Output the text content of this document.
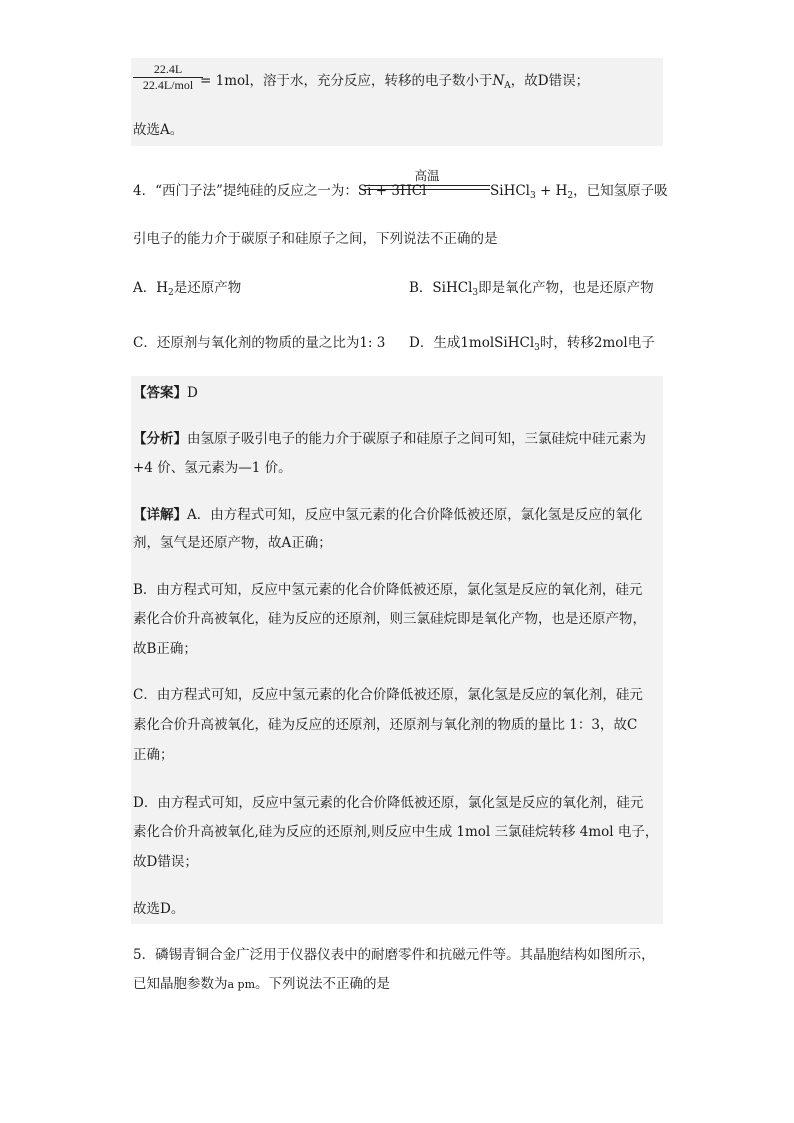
22.4L
22.4L/mol = 1mol，溶于水，充分反应，转移的电子数小于$N_A$，故D错误；
故选A。
4．“西门子法”提纯硅的反应之一为：Si + 3HCl
高温
SiHCl$_3$ + $H_2$，已知氢原子吸
引电子的能力介于碳原子和硅原子之间，下列说法不正确的是
A．$H_2$是还原产物	B．SiHCl$_3$即是氧化产物，也是还原产物
C．还原剂与氧化剂的物质的量之比为1: 3 D．生成1molSiHCl$_3$时，转移2mol电子
【答案】D
【分析】由氢原子吸引电子的能力介于碳原子和硅原子之间可知，三氯硅烷中硅元素为
+4 价、氢元素为—1 价。
【详解】A．由方程式可知，反应中氢元素的化合价降低被还原，氯化氢是反应的氧化
剂，氢气是还原产物，故A正确；
B．由方程式可知，反应中氢元素的化合价降低被还原，氯化氢是反应的氧化剂，硅元
素化合价升高被氧化，硅为反应的还原剂，则三氯硅烷即是氧化产物，也是还原产物，
故B正确；
C．由方程式可知，反应中氢元素的化合价降低被还原，氯化氢是反应的氧化剂，硅元
素化合价升高被氧化，硅为反应的还原剂，还原剂与氧化剂的物质的量比 1：3，故C
正确；
D．由方程式可知，反应中氢元素的化合价降低被还原，氯化氢是反应的氧化剂，硅元
素化合价升高被氧化,硅为反应的还原剂,则反应中生成 1mol 三氯硅烷转移 4mol 电子，
故D错误；
故选D。
5．磷锡青铜合金广泛用于仪器仪表中的耐磨零件和抗磁元件等。其晶胞结构如图所示，
已知晶胞参数为a pm。下列说法不正确的是
